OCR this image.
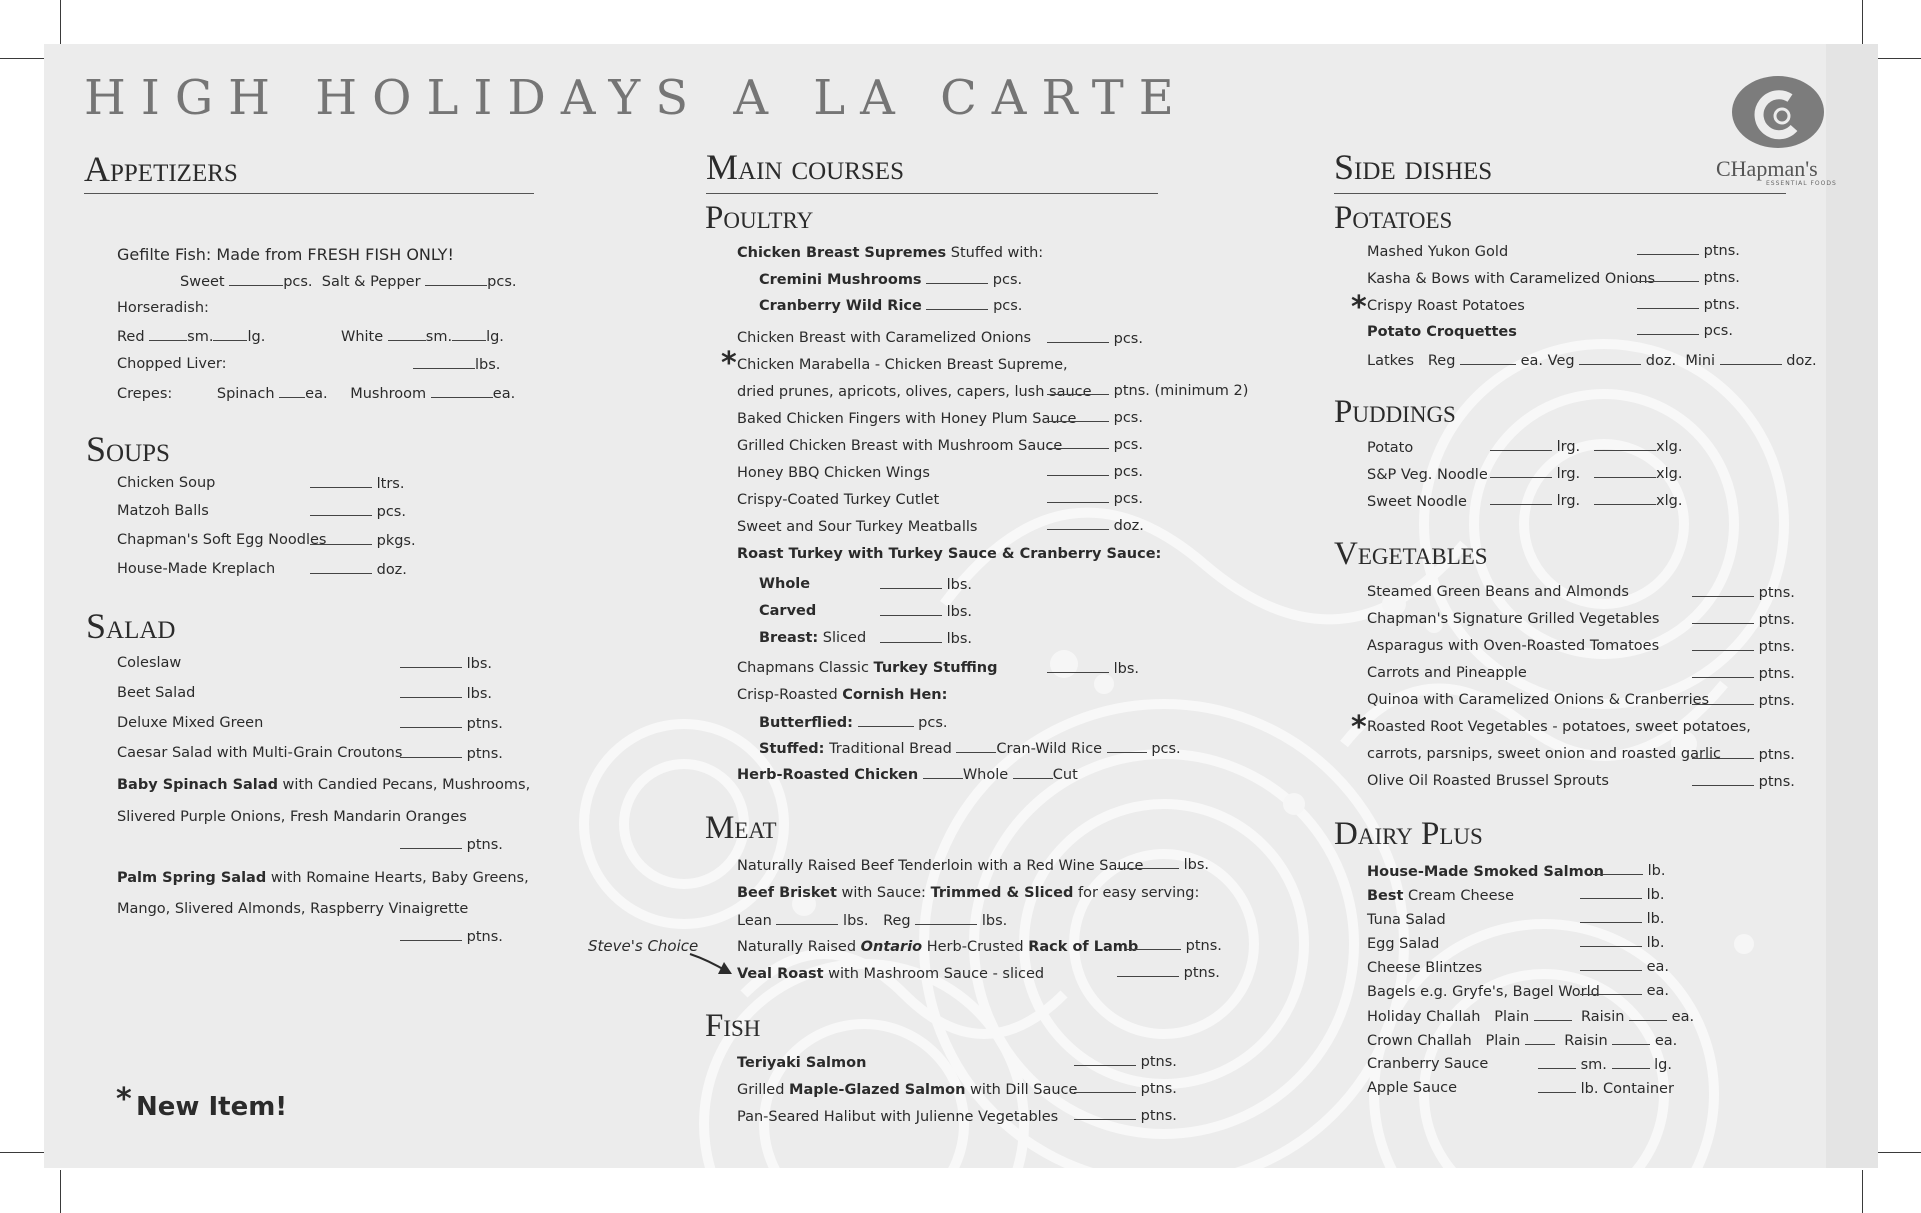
HIGH HOLIDAYS A LA CARTE
CHapman's
ESSENTIAL FOODS
Appetizers
Gefilte Fish: Made from FRESH FISH ONLY!
Sweet	pcs. Salt & Pepper	pcs.
Horseradish:
Red	sm. lg.	White	sm. lg.
Chopped Liver:	lbs.
Crepes:	Spinach ea. Mushroom	ea.
Soups
Chicken Soup	ltrs.
Matzoh Balls	pcs.
Chapman's Soft Egg Noodles	pkgs.
House-Made Kreplach	doz.
Salad
Coleslaw	lbs.
Beet Salad	lbs.
Deluxe Mixed Green	ptns.
Caesar Salad with Multi-Grain Croutons	ptns.
Baby Spinach Salad with Candied Pecans, Mushrooms,
Slivered Purple Onions, Fresh Mandarin Oranges
ptns.
Palm Spring Salad with Romaine Hearts, Baby Greens,
Mango, Slivered Almonds, Raspberry Vinaigrette
ptns.
* New Item!
Main courses
Poultry
Chicken Breast Supremes Stuffed with:
Cremini Mushrooms	pcs.
Cranberry Wild Rice	pcs.
Chicken Breast with Caramelized Onions	pcs.
* Chicken Marabella - Chicken Breast Supreme,
dried prunes, apricots, olives, capers, lush sauce	ptns. (minimum 2)
Baked Chicken Fingers with Honey Plum Sauce	pcs.
Grilled Chicken Breast with Mushroom Sauce	pcs.
Honey BBQ Chicken Wings	pcs.
Crispy-Coated Turkey Cutlet	pcs.
Sweet and Sour Turkey Meatballs	doz.
Roast Turkey with Turkey Sauce & Cranberry Sauce:
Whole	lbs.
Carved	lbs.
Breast: Sliced	lbs.
Chapmans Classic Turkey Stuffing	lbs.
Crisp-Roasted Cornish Hen:
Butterflied:	pcs.
Stuffed: Traditional Bread	Cran-Wild Rice	pcs.
Herb-Roasted Chicken	Whole	Cut
Meat
Naturally Raised Beef Tenderloin with a Red Wine Sauce	lbs.
Beef Brisket with Sauce: Trimmed & Sliced for easy serving:
Lean	lbs. Reg	lbs.
Steve's Choice	Naturally Raised Ontario Herb-Crusted Rack of Lamb	ptns.
Veal Roast with Mashroom Sauce - sliced	ptns.
Fish
Teriyaki Salmon	ptns.
Grilled Maple-Glazed Salmon with Dill Sauce	ptns.
Pan-Seared Halibut with Julienne Vegetables	ptns.
Side dishes
Potatoes
Mashed Yukon Gold	ptns.
Kasha & Bows with Caramelized Onions	ptns.
* Crispy Roast Potatoes	ptns.
Potato Croquettes	pcs.
Latkes Reg	ea. Veg	doz. Mini	doz.
Puddings
Potato	lrg.	xlg.
S&P Veg. Noodle	lrg.	xlg.
Sweet Noodle	lrg.	xlg.
Vegetables
Steamed Green Beans and Almonds	ptns.
Chapman's Signature Grilled Vegetables	ptns.
Asparagus with Oven-Roasted Tomatoes	ptns.
Carrots and Pineapple	ptns.
Quinoa with Caramelized Onions & Cranberries	ptns.
* Roasted Root Vegetables - potatoes, sweet potatoes,
carrots, parsnips, sweet onion and roasted garlic	ptns.
Olive Oil Roasted Brussel Sprouts	ptns.
Dairy Plus
House-Made Smoked Salmon	lb.
Best Cream Cheese	lb.
Tuna Salad	lb.
Egg Salad	lb.
Cheese Blintzes	ea.
Bagels e.g. Gryfe's, Bagel World	ea.
Holiday Challah Plain	Raisin	ea.
Crown Challah Plain	Raisin	ea.
Cranberry Sauce	sm.	lg.
Apple Sauce	lb. Container
